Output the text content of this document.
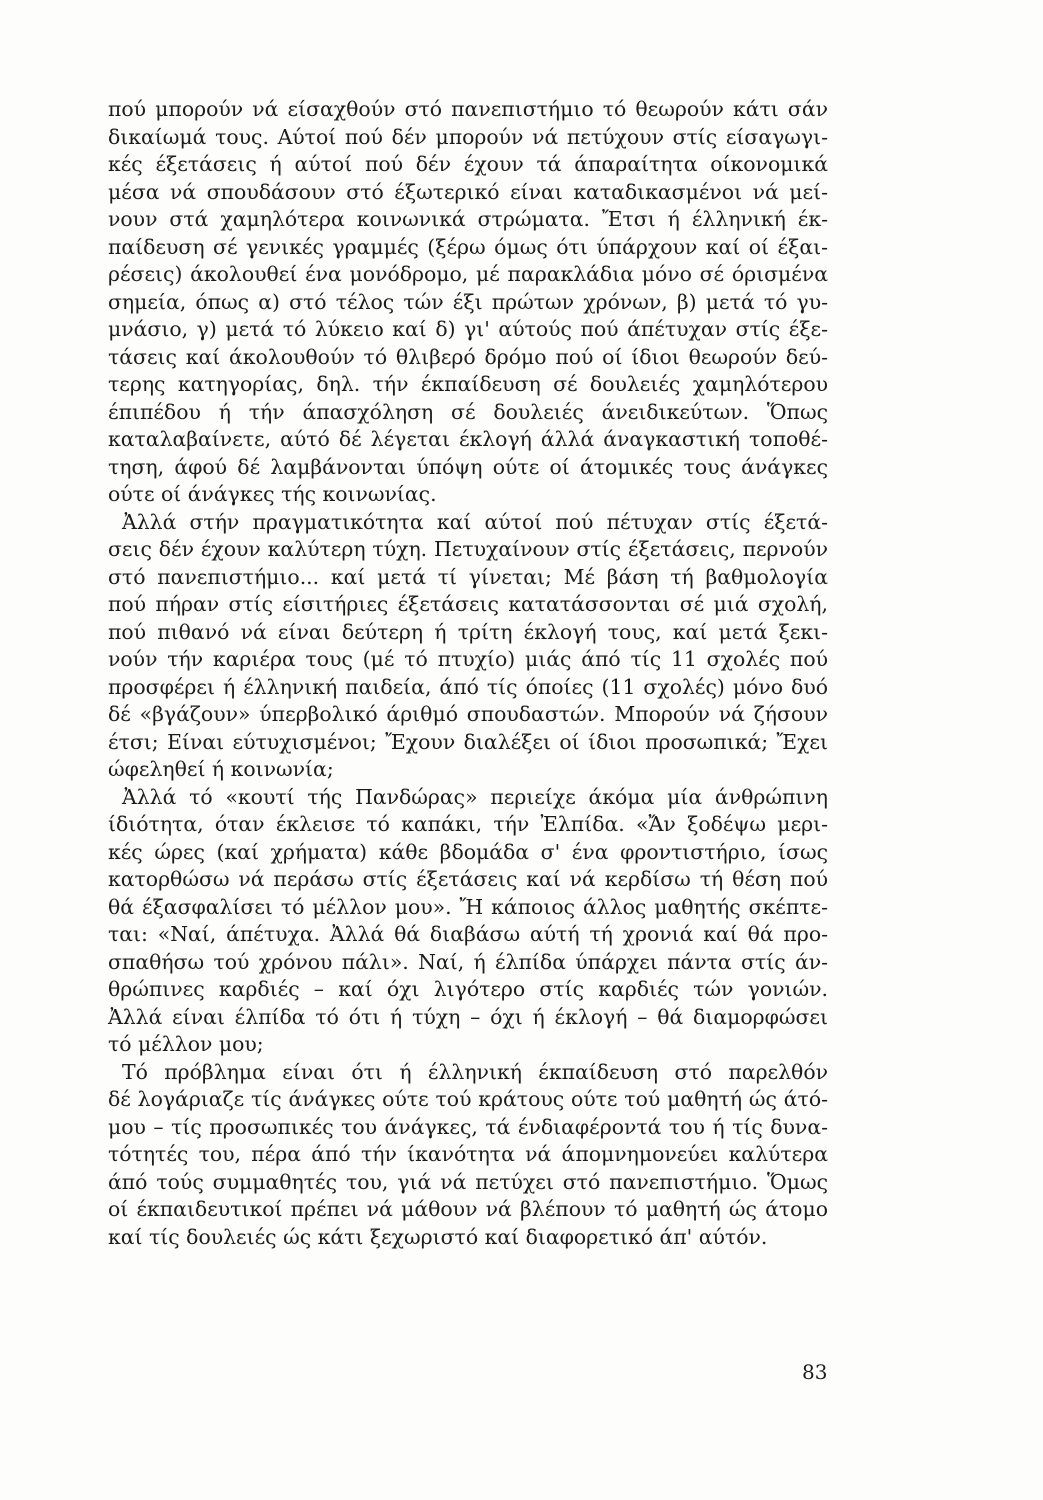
πού μπορούν νά είσαχθούν στό πανεπιστήμιο τό θεωρούν κάτι σάν
δικαίωμά τους. Αύτοί πού δέν μπορούν νά πετύχουν στίς είσαγωγι-
κές έξετάσεις ή αύτοί πού δέν έχουν τά άπαραίτητα οίκονομικά
μέσα νά σπουδάσουν στό έξωτερικό είναι καταδικασμένοι νά μεί-
νουν στά χαμηλότερα κοινωνικά στρώματα. Ἔτσι ή έλληνική έκ-
παίδευση σέ γενικές γραμμές (ξέρω όμως ότι ύπάρχουν καί οί έξαι-
ρέσεις) άκολουθεί ένα μονόδρομο, μέ παρακλάδια μόνο σέ όρισμένα
σημεία, όπως α) στό τέλος τών έξι πρώτων χρόνων, β) μετά τό γυ-
μνάσιο, γ) μετά τό λύκειο καί δ) γι' αύτούς πού άπέτυχαν στίς έξε-
τάσεις καί άκολουθούν τό θλιβερό δρόμο πού οί ίδιοι θεωρούν δεύ-
τερης κατηγορίας, δηλ. τήν έκπαίδευση σέ δουλειές χαμηλότερου
έπιπέδου ή τήν άπασχόληση σέ δουλειές άνειδικεύτων. Ὅπως
καταλαβαίνετε, αύτό δέ λέγεται έκλογή άλλά άναγκαστική τοποθέ-
τηση, άφού δέ λαμβάνονται ύπόψη ούτε οί άτομικές τους άνάγκες
ούτε οί άνάγκες τής κοινωνίας.
Ἀλλά στήν πραγματικότητα καί αύτοί πού πέτυχαν στίς έξετά-
σεις δέν έχουν καλύτερη τύχη. Πετυχαίνουν στίς έξετάσεις, περνούν
στό πανεπιστήμιο... καί μετά τί γίνεται; Μέ βάση τή βαθμολογία
πού πήραν στίς είσιτήριες έξετάσεις κατατάσσονται σέ μιά σχολή,
πού πιθανό νά είναι δεύτερη ή τρίτη έκλογή τους, καί μετά ξεκι-
νούν τήν καριέρα τους (μέ τό πτυχίο) μιάς άπό τίς 11 σχολές πού
προσφέρει ή έλληνική παιδεία, άπό τίς όποίες (11 σχολές) μόνο δυό
δέ «βγάζουν» ύπερβολικό άριθμό σπουδαστών. Μπορούν νά ζήσουν
έτσι; Είναι εύτυχισμένοι; Ἔχουν διαλέξει οί ίδιοι προσωπικά; Ἔχει
ώφεληθεί ή κοινωνία;
Ἀλλά τό «κουτί τής Πανδώρας» περιείχε άκόμα μία άνθρώπινη
ίδιότητα, όταν έκλεισε τό καπάκι, τήν Ἐλπίδα. «Ἄν ξοδέψω μερι-
κές ώρες (καί χρήματα) κάθε βδομάδα σ' ένα φροντιστήριο, ίσως
κατορθώσω νά περάσω στίς έξετάσεις καί νά κερδίσω τή θέση πού
θά έξασφαλίσει τό μέλλον μου». Ἤ κάποιος άλλος μαθητής σκέπτε-
ται: «Ναί, άπέτυχα. Ἀλλά θά διαβάσω αύτή τή χρονιά καί θά προ-
σπαθήσω τού χρόνου πάλι». Ναί, ή έλπίδα ύπάρχει πάντα στίς άν-
θρώπινες καρδιές – καί όχι λιγότερο στίς καρδιές τών γονιών.
Ἀλλά είναι έλπίδα τό ότι ή τύχη – όχι ή έκλογή – θά διαμορφώσει
τό μέλλον μου;
Τό πρόβλημα είναι ότι ή έλληνική έκπαίδευση στό παρελθόν
δέ λογάριαζε τίς άνάγκες ούτε τού κράτους ούτε τού μαθητή ώς άτό-
μου – τίς προσωπικές του άνάγκες, τά ένδιαφέροντά του ή τίς δυνα-
τότητές του, πέρα άπό τήν ίκανότητα νά άπομνημονεύει καλύτερα
άπό τούς συμμαθητές του, γιά νά πετύχει στό πανεπιστήμιο. Ὅμως
οί έκπαιδευτικοί πρέπει νά μάθουν νά βλέπουν τό μαθητή ώς άτομο
καί τίς δουλειές ώς κάτι ξεχωριστό καί διαφορετικό άπ' αύτόν.
83
